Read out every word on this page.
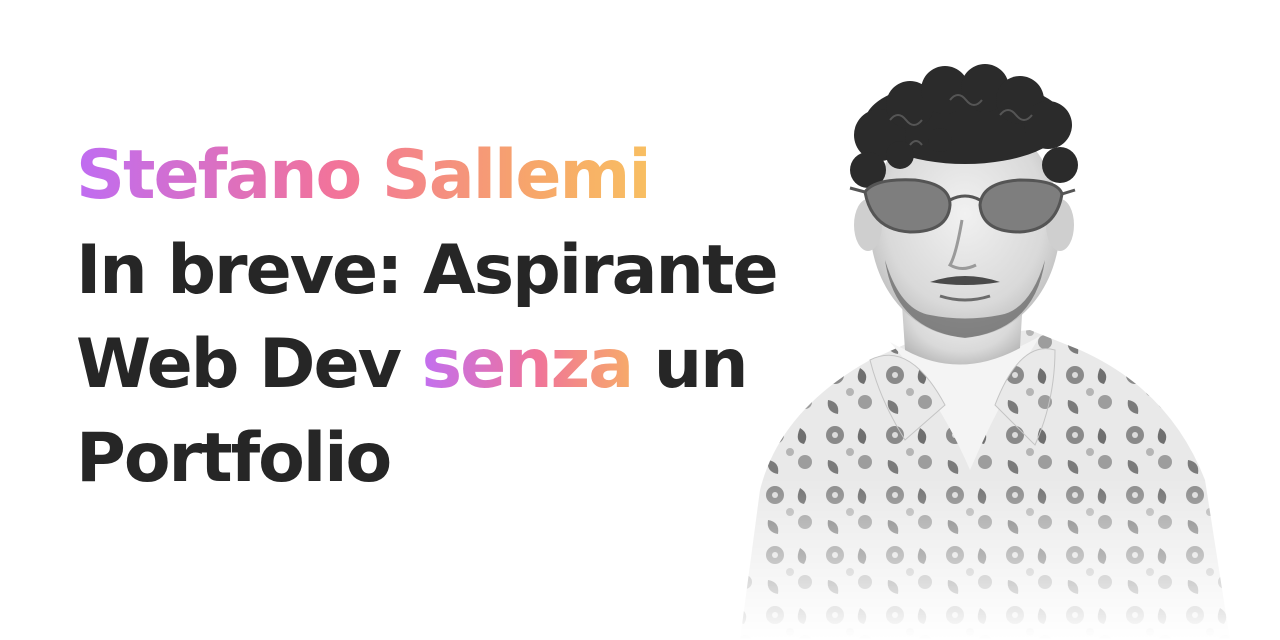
Stefano Sallemi
In breve: Aspirante
Web Dev senza un
Portfolio
